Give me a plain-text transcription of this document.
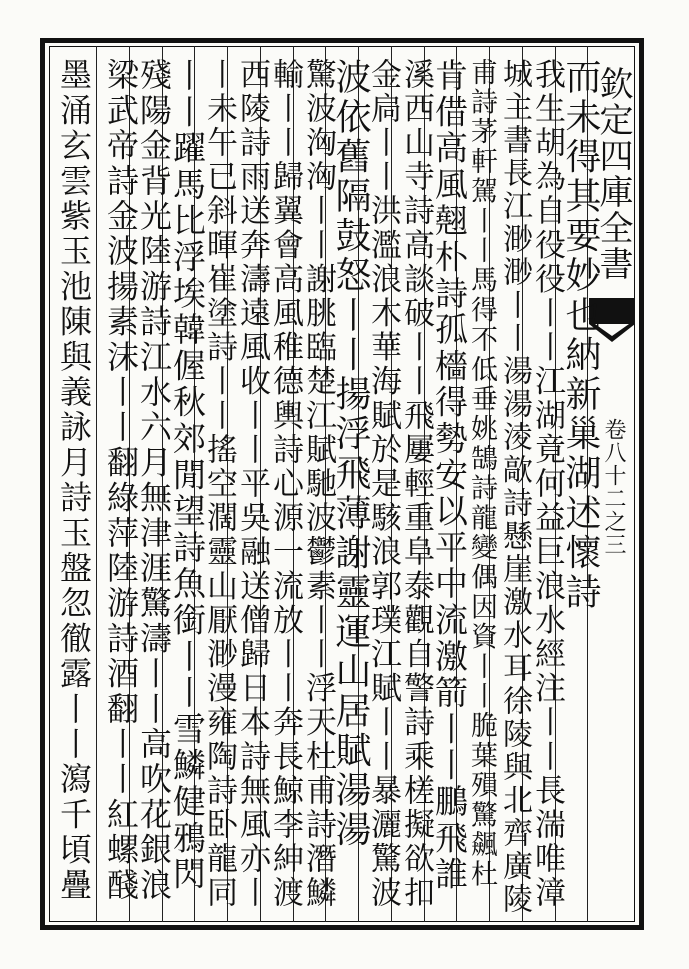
欽定四庫全書
卷八十二之三
而未得其要妙也納新巢湖述懷詩
我生胡為自役役丨丨江湖竟何益巨浪水經注丨丨長湍唯漳
城主書長江渺渺丨丨湯湯淩歊詩懸崖激水耳徐陵與北齊廣陵
甫詩茅軒駕丨丨馬得不低垂姚鵠詩龍變偶因資丨丨脆葉殞驚飆杜
肯借高風翹朴詩孤檣得勢安以平中流激箭丨丨鵬飛誰
溪西山寺詩高談破丨丨飛屢輕重阜泰觀自警詩乘槎擬欲扣
金扃丨丨洪濫浪木華海賦於是駭浪郭璞江賦丨丨暴灑驚波
波依舊隔鼓怒丨丨揚浮飛薄謝靈運山居賦湯湯
驚波洶洶丨丨謝朓臨楚江賦馳波鬱素丨丨浮天杜甫詩潛鱗
輸丨丨歸翼會高風稚德輿詩心源一流放丨丨奔長鯨李紳渡
西陵詩雨送奔濤遠風收丨丨平吳融送僧歸日本詩無風亦丨
丨未午已斜暉崔塗詩丨丨搖空濶靈山厭渺漫雍陶詩卧龍同
丨丨躍馬比浮埃韓偓秋郊閒望詩魚銜丨丨雪鱗健鴉閃
殘陽金背光陸游詩江水六月無津涯驚濤丨丨高吹花銀浪
梁武帝詩金波揚素沫丨丨翻綠萍陸游詩酒翻丨丨紅螺醆
墨涌玄雲紫玉池陳與義詠月詩玉盤忽徹露丨丨瀉千頃疊
